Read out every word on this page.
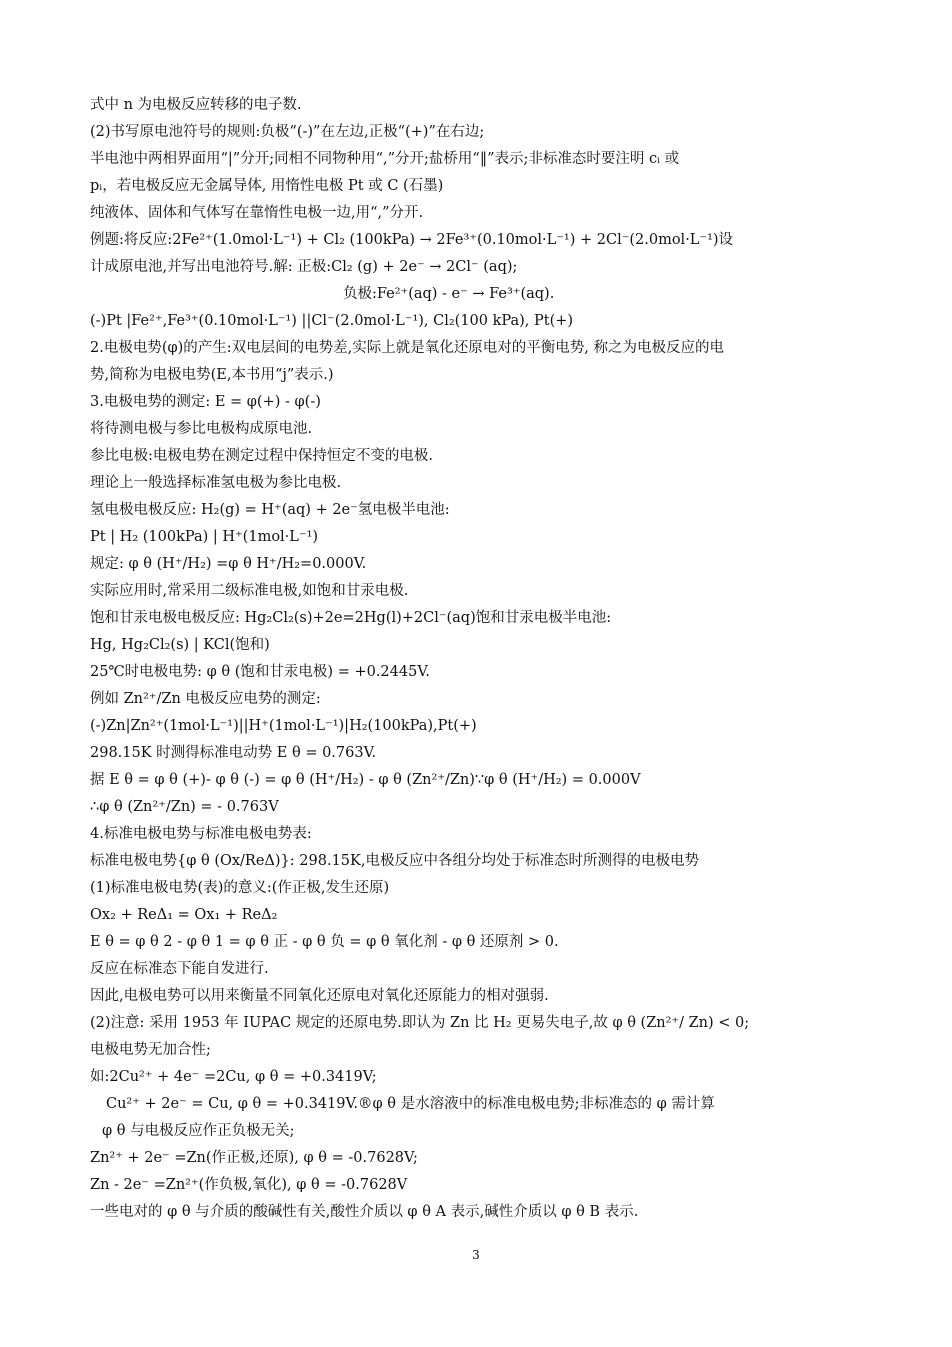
式中 n 为电极反应转移的电子数.
(2)书写原电池符号的规则:负极“(-)”在左边,正极“(+)”在右边;
半电池中两相界面用“|”分开;同相不同物种用“,”分开;盐桥用“‖”表示;非标准态时要注明 cᵢ 或
pᵢ，若电极反应无金属导体, 用惰性电极 Pt 或 C (石墨)
纯液体、固体和气体写在靠惰性电极一边,用“,”分开.
例题:将反应:2Fe²⁺(1.0mol·L⁻¹) + Cl₂ (100kPa) → 2Fe³⁺(0.10mol·L⁻¹) + 2Cl⁻(2.0mol·L⁻¹)设
计成原电池,并写出电池符号.解: 正极:Cl₂ (g) + 2e⁻ → 2Cl⁻ (aq);
负极:Fe²⁺(aq) - e⁻ → Fe³⁺(aq).
(-)Pt |Fe²⁺,Fe³⁺(0.10mol·L⁻¹) ||Cl⁻(2.0mol·L⁻¹), Cl₂(100 kPa), Pt(+)
2.电极电势(φ)的产生:双电层间的电势差,实际上就是氧化还原电对的平衡电势, 称之为电极反应的电
势,简称为电极电势(E,本书用“j”表示.)
3.电极电势的测定: E = φ(+) - φ(-)
将待测电极与参比电极构成原电池.
参比电极:电极电势在测定过程中保持恒定不变的电极.
理论上一般选择标准氢电极为参比电极.
氢电极电极反应: H₂(g) = H⁺(aq) + 2e⁻氢电极半电池:
Pt | H₂ (100kPa) | H⁺(1mol·L⁻¹)
规定: φ θ (H⁺/H₂) =φ θ H⁺/H₂=0.000V.
实际应用时,常采用二级标准电极,如饱和甘汞电极.
饱和甘汞电极电极反应: Hg₂Cl₂(s)+2e=2Hg(l)+2Cl⁻(aq)饱和甘汞电极半电池:
Hg, Hg₂Cl₂(s) | KCl(饱和)
25℃时电极电势: φ θ (饱和甘汞电极) = +0.2445V.
例如 Zn²⁺/Zn 电极反应电势的测定:
(-)Zn|Zn²⁺(1mol·L⁻¹)||H⁺(1mol·L⁻¹)|H₂(100kPa),Pt(+)
298.15K 时测得标准电动势 E θ = 0.763V.
据 E θ = φ θ (+)- φ θ (-) = φ θ (H⁺/H₂) - φ θ (Zn²⁺/Zn)∵φ θ (H⁺/H₂) = 0.000V
∴φ θ (Zn²⁺/Zn) = - 0.763V
4.标准电极电势与标准电极电势表:
标准电极电势{φ θ (Ox/ReΔ)}: 298.15K,电极反应中各组分均处于标准态时所测得的电极电势
(1)标准电极电势(表)的意义:(作正极,发生还原)
Ox₂ + ReΔ₁ = Ox₁ + ReΔ₂
E θ = φ θ 2 - φ θ 1 = φ θ 正 - φ θ 负 = φ θ 氧化剂 - φ θ 还原剂 > 0.
反应在标准态下能自发进行.
因此,电极电势可以用来衡量不同氧化还原电对氧化还原能力的相对强弱.
(2)注意: 采用 1953 年 IUPAC 规定的还原电势.即认为 Zn 比 H₂ 更易失电子,故 φ θ (Zn²⁺/ Zn) < 0;
电极电势无加合性;
如:2Cu²⁺ + 4e⁻ =2Cu, φ θ = +0.3419V;
Cu²⁺ + 2e⁻ = Cu, φ θ = +0.3419V.®φ θ 是水溶液中的标准电极电势;非标准态的 φ 需计算
φ θ 与电极反应作正负极无关;
Zn²⁺ + 2e⁻ =Zn(作正极,还原), φ θ = -0.7628V;
Zn - 2e⁻ =Zn²⁺(作负极,氧化), φ θ = -0.7628V
一些电对的 φ θ 与介质的酸碱性有关,酸性介质以 φ θ A 表示,碱性介质以 φ θ B 表示.
3
